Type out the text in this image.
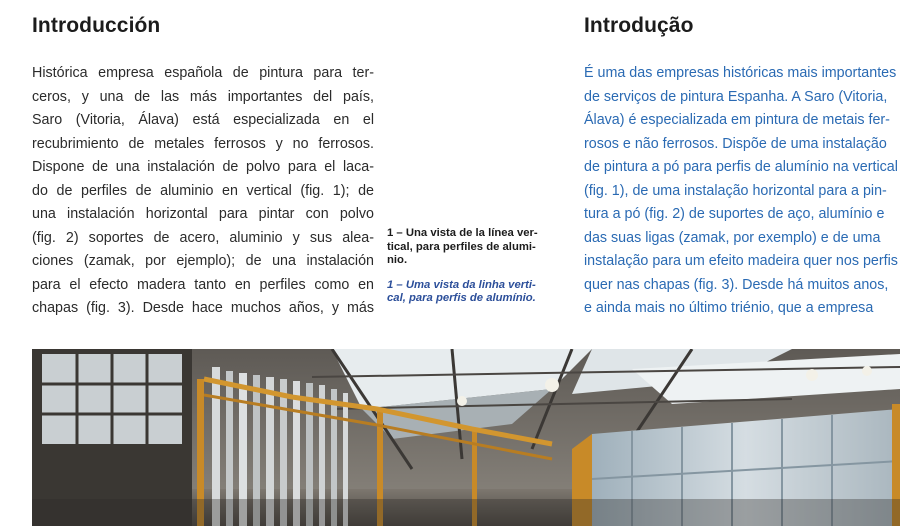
Introducción

Histórica empresa española de pintura para ter-
ceros, y una de las más importantes del país,
Saro (Vitoria, Álava) está especializada en el
recubrimiento de metales ferrosos y no ferrosos.
Dispone de una instalación de polvo para el laca-
do de perfiles de aluminio en vertical (fig. 1); de
una instalación horizontal para pintar con polvo
(fig. 2) soportes de acero, aluminio y sus alea-
ciones (zamak, por ejemplo); de una instalación
para el efecto madera tanto en perfiles como en
chapas (fig. 3). Desde hace muchos años, y más

1 – Una vista de la línea ver-
tical, para perfiles de alumi-
nio.

1 – Uma vista da linha verti-
cal, para perfis de alumínio.

Introdução

É uma das empresas históricas mais importantes
de serviços de pintura Espanha. A Saro (Vitoria,
Álava) é especializada em pintura de metais fer-
rosos e não ferrosos. Dispõe de uma instalação
de pintura a pó para perfis de alumínio na vertical
(fig. 1), de uma instalação horizontal para a pin-
tura a pó (fig. 2) de suportes de aço, alumínio e
das suas ligas (zamak, por exemplo) e de uma
instalação para um efeito madeira quer nos perfis
quer nas chapas (fig. 3). Desde há muitos anos,
e ainda mais no último triénio, que a empresa
